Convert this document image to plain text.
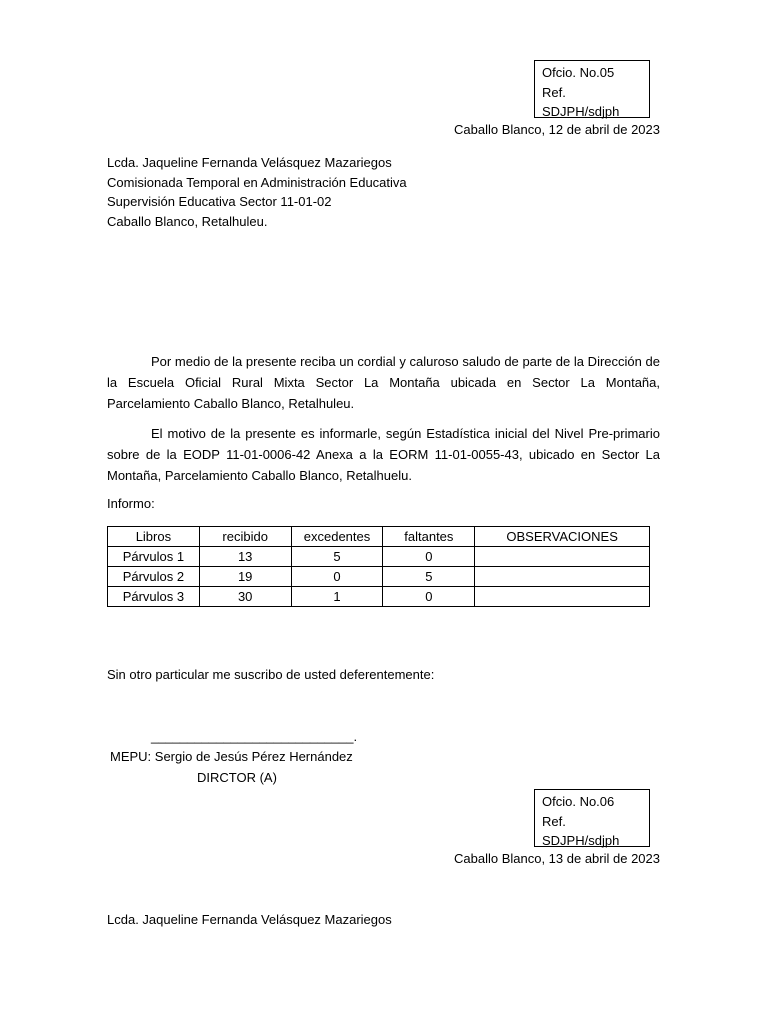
Ofcio. No.05
Ref.
SDJPH/sdjph
Caballo Blanco, 12 de abril de 2023
Lcda. Jaqueline Fernanda Velásquez Mazariegos
Comisionada Temporal en Administración Educativa
Supervisión Educativa Sector 11-01-02
Caballo Blanco, Retalhuleu.

Por medio de la presente reciba un cordial y caluroso saludo de parte de la Dirección de la Escuela Oficial Rural Mixta Sector La Montaña ubicada en Sector La Montaña, Parcelamiento Caballo Blanco, Retalhuleu.

El motivo de la presente es informarle, según Estadística inicial del Nivel Pre-primario sobre de la EODP 11-01-0006-42 Anexa a la EORM 11-01-0055-43, ubicado en Sector La Montaña, Parcelamiento Caballo Blanco, Retalhuelu.

Informo:
Libros	recibido	excedentes	faltantes	OBSERVACIONES
Párvulos 1	13	5	0	
Párvulos 2	19	0	5	
Párvulos 3	30	1	0	
Sin otro particular me suscribo de usted deferentemente:
____________________________.
MEPU: Sergio de Jesús Pérez Hernández
DIRCTOR (A)
Ofcio. No.06
Ref.
SDJPH/sdjph
Caballo Blanco, 13 de abril de 2023
Lcda. Jaqueline Fernanda Velásquez Mazariegos
